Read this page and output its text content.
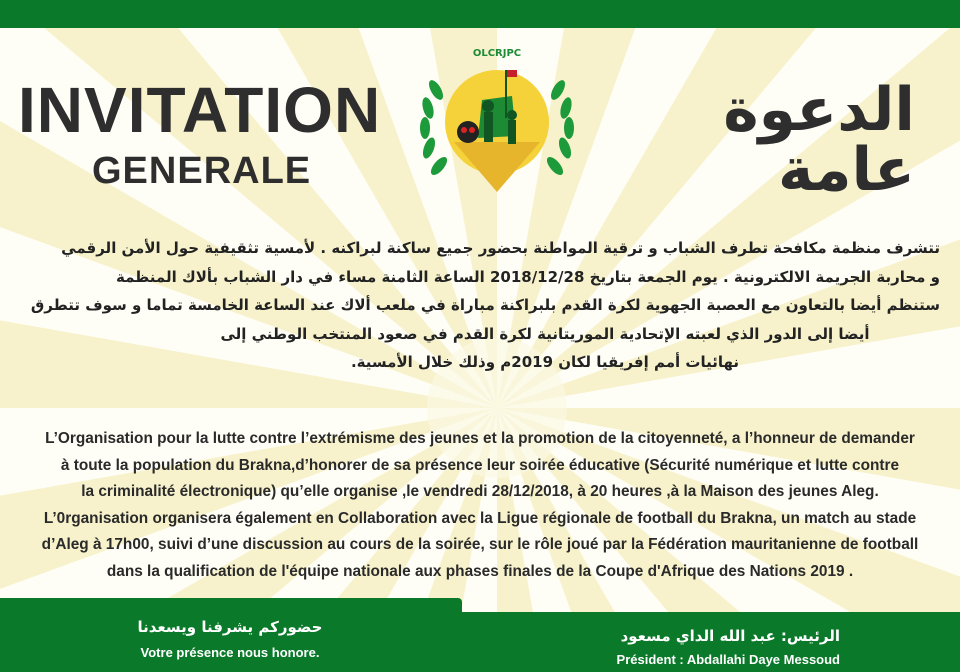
INVITATION
GENERALE
الدعوة عامة
OLCRJPC
تتشرف منظمة مكافحة تطرف الشباب و ترقية المواطنة بحضور جميع ساكنة لبراكنه . لأمسية تثقيفية حول الأمن الرقمي
و محاربة الجريمة الالكترونية . يوم الجمعة بتاريخ 2018/12/28 الساعة الثامنة مساء في دار الشباب بألاك المنظمة
ستنظم أيضا بالتعاون مع العصبة الجهوية لكرة القدم بلبراكنة مباراة في ملعب ألاك عند الساعة الخامسة تماما و سوف تتطرق
أيضا إلى الدور الذي لعبته الإتحادية الموريتانية لكرة القدم في صعود المنتخب الوطني إلى
نهائيات أمم إفريقيا لكان 2019م وذلك خلال الأمسية.
L’Organisation pour la lutte contre l’extrémisme des jeunes et la promotion de la citoyenneté, a l’honneur de demander
à toute la population du Brakna,d’honorer de sa présence leur soirée éducative (Sécurité numérique et lutte contre
la criminalité électronique) qu’elle organise ,le vendredi 28/12/2018, à 20 heures ,à la Maison des jeunes Aleg.
L’0rganisation organisera également en Collaboration avec la Ligue régionale de football du Brakna, un match au stade
d’Aleg à 17h00, suivi d’une discussion au cours de la soirée, sur le rôle joué par la Fédération mauritanienne de football
dans la qualification de l'équipe nationale aux phases finales de la Coupe d'Afrique des Nations 2019 .
حضوركم يشرفنا ويسعدنا
Votre présence nous honore.
الرئيس: عبد الله الداي مسعود
Président : Abdallahi Daye Messoud
